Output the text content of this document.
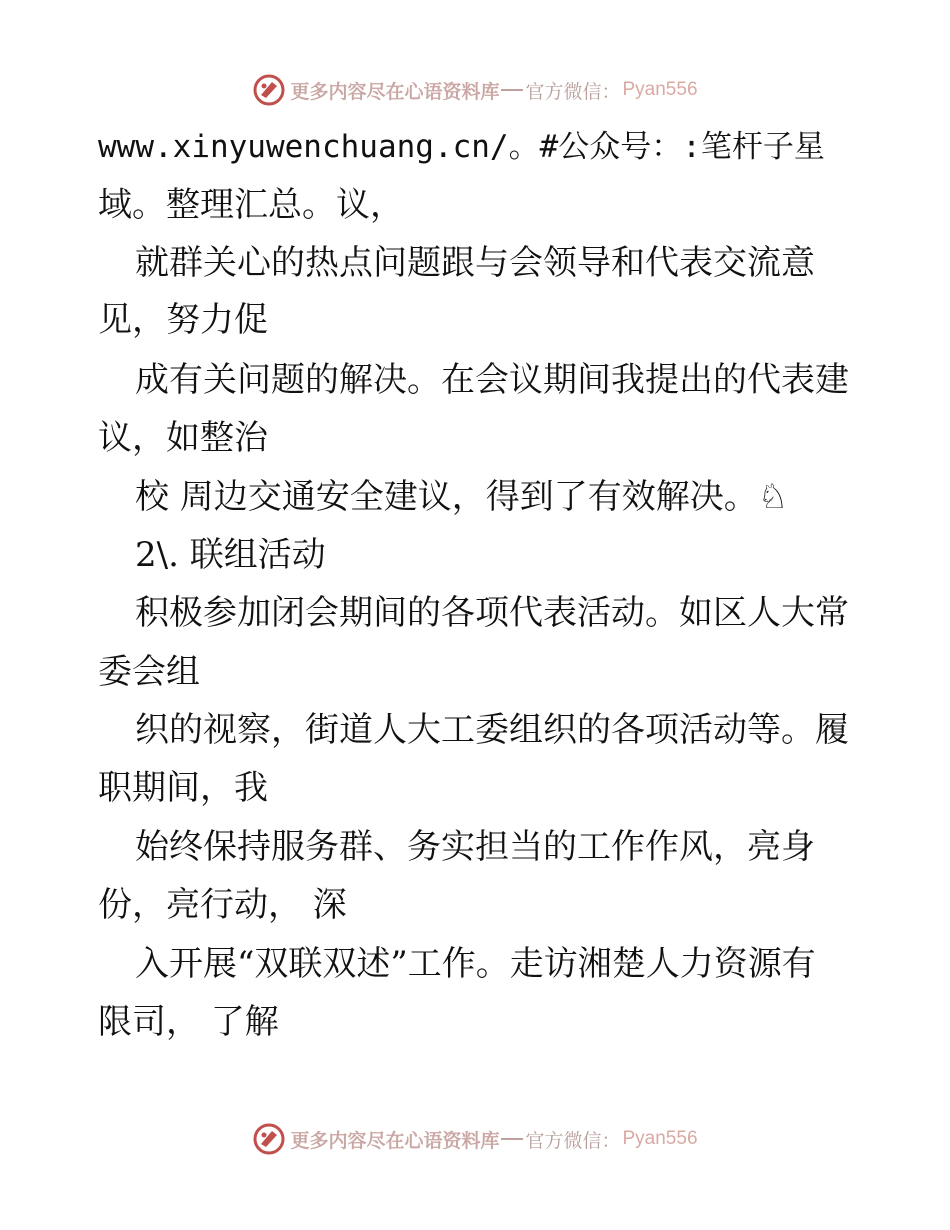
更多内容尽在心语资料库 官方微信： Pyan556
www.xinyuwenchuang.cn/。#公众号：:笔杆子星
域。整理汇总。议，
就群关心的热点问题跟与会领导和代表交流意
见，努力促
成有关问题的解决。在会议期间我提出的代表建
议，如整治
校 周边交通安全建议，得到了有效解决。♘
2\. 联组活动
积极参加闭会期间的各项代表活动。如区人大常
委会组
织的视察，街道人大工委组织的各项活动等。履
职期间，我
始终保持服务群、务实担当的工作作风，亮身
份，亮行动， 深
入开展“双联双述”工作。走访湘楚人力资源有
限司， 了解
更多内容尽在心语资料库 官方微信： Pyan556
